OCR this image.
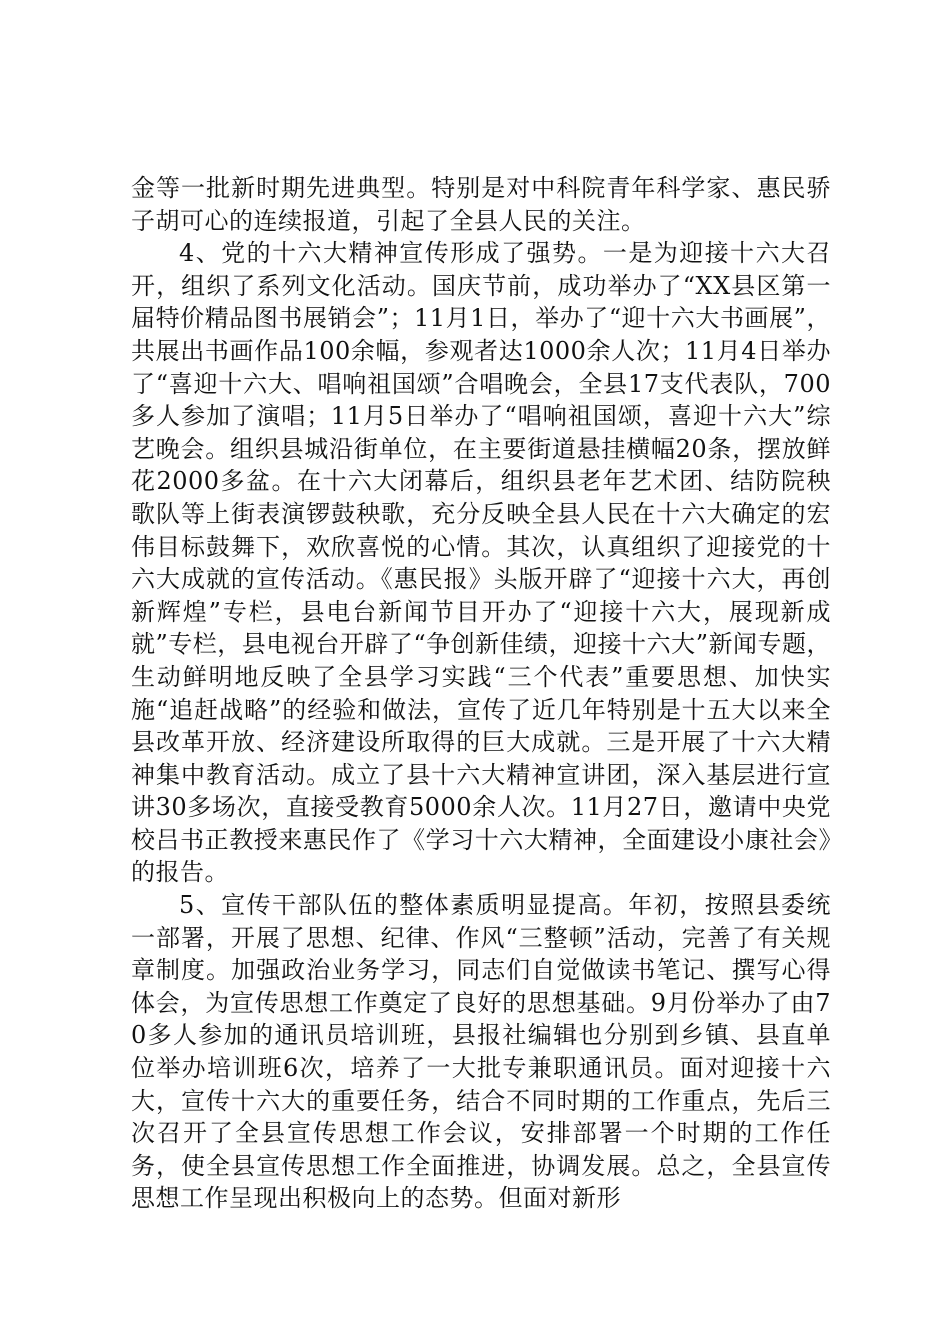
金等一批新时期先进典型。特别是对中科院青年科学家、惠民骄子胡可心的连续报道，引起了全县人民的关注。

4、党的十六大精神宣传形成了强势。一是为迎接十六大召开，组织了系列文化活动。国庆节前，成功举办了“XX县区第一届特价精品图书展销会”；11月1日，举办了“迎十六大书画展”，共展出书画作品100余幅，参观者达1000余人次；11月4日举办了“喜迎十六大、唱响祖国颂”合唱晚会，全县17支代表队，700多人参加了演唱；11月5日举办了“唱响祖国颂，喜迎十六大”综艺晚会。组织县城沿街单位，在主要街道悬挂横幅20条，摆放鲜花2000多盆。在十六大闭幕后，组织县老年艺术团、结防院秧歌队等上街表演锣鼓秧歌，充分反映全县人民在十六大确定的宏伟目标鼓舞下，欢欣喜悦的心情。其次，认真组织了迎接党的十六大成就的宣传活动。《惠民报》头版开辟了“迎接十六大，再创新辉煌”专栏，县电台新闻节目开办了“迎接十六大，展现新成就”专栏，县电视台开辟了“争创新佳绩，迎接十六大”新闻专题，生动鲜明地反映了全县学习实践“三个代表”重要思想、加快实施“追赶战略”的经验和做法，宣传了近几年特别是十五大以来全县改革开放、经济建设所取得的巨大成就。三是开展了十六大精神集中教育活动。成立了县十六大精神宣讲团，深入基层进行宣讲30多场次，直接受教育5000余人次。11月27日，邀请中央党校吕书正教授来惠民作了《学习十六大精神，全面建设小康社会》的报告。

5、宣传干部队伍的整体素质明显提高。年初，按照县委统一部署，开展了思想、纪律、作风“三整顿”活动，完善了有关规章制度。加强政治业务学习，同志们自觉做读书笔记、撰写心得体会，为宣传思想工作奠定了良好的思想基础。9月份举办了由70多人参加的通讯员培训班，县报社编辑也分别到乡镇、县直单位举办培训班6次，培养了一大批专兼职通讯员。面对迎接十六大，宣传十六大的重要任务，结合不同时期的工作重点，先后三次召开了全县宣传思想工作会议，安排部署一个时期的工作任务，使全县宣传思想工作全面推进，协调发展。总之，全县宣传思想工作呈现出积极向上的态势。但面对新形
